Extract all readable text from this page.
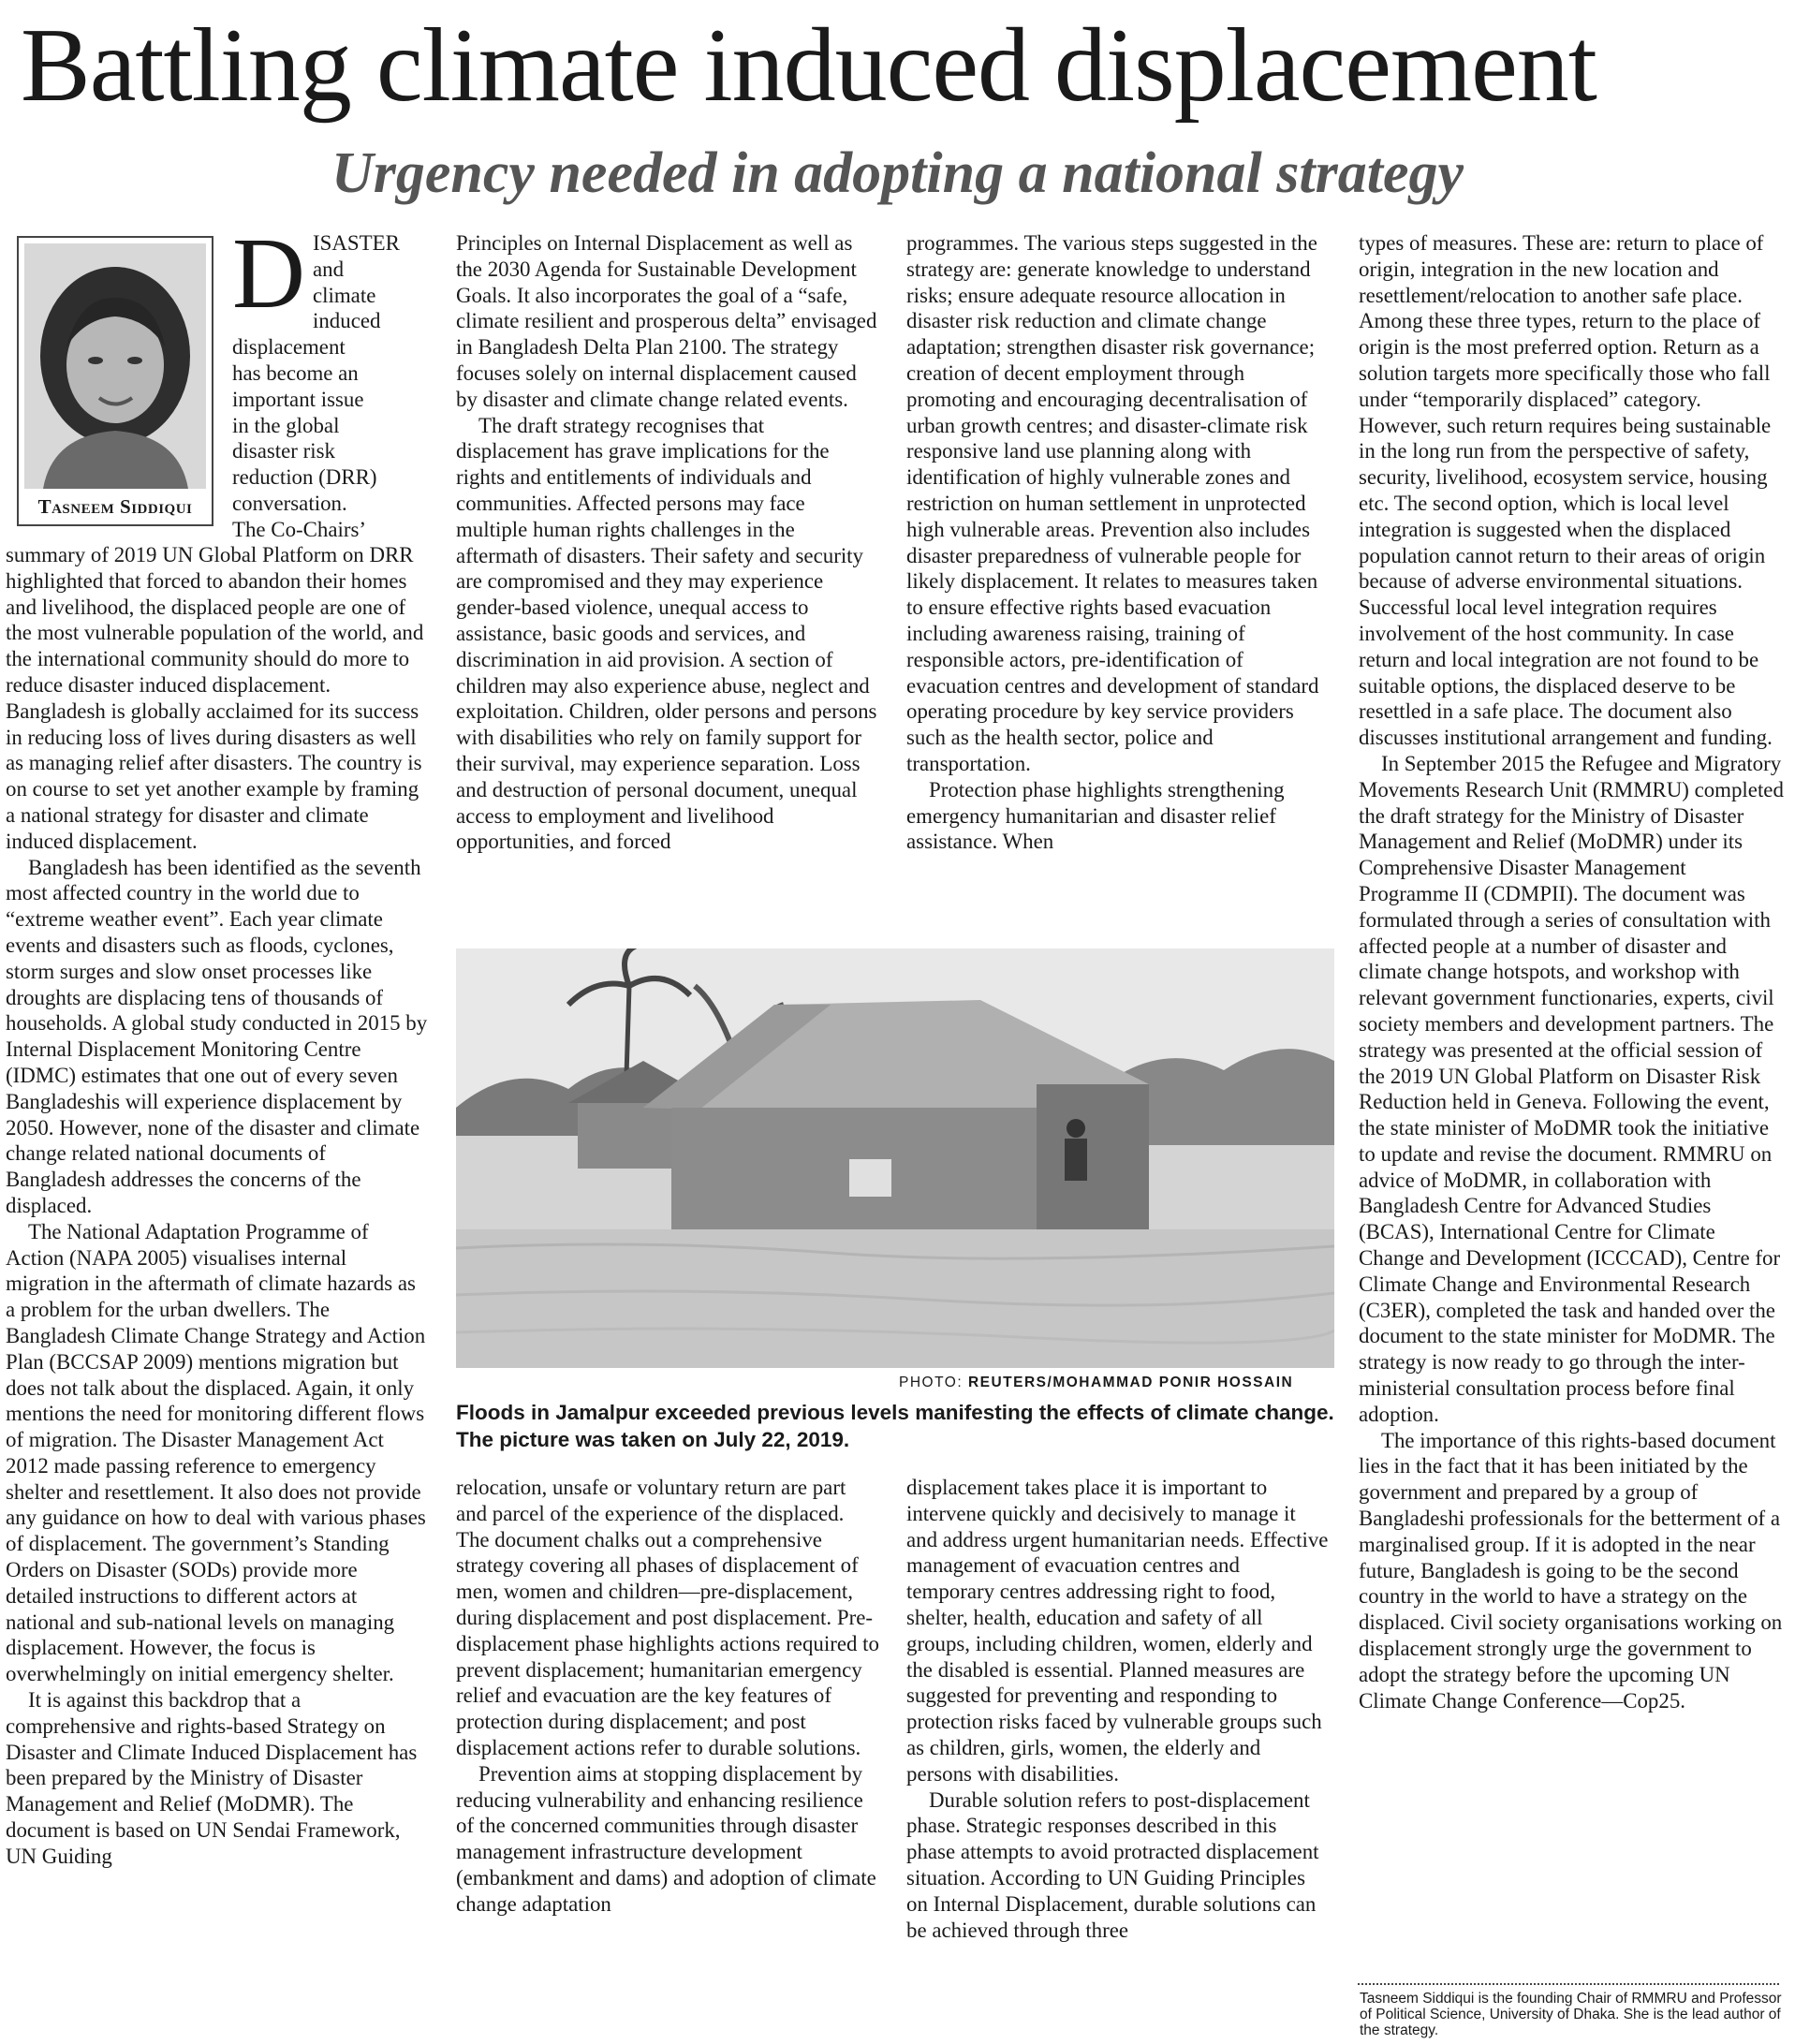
Battling climate induced displacement
Urgency needed in adopting a national strategy
Tasneem Siddiqui
D ISASTER
and
climate
induced
displacement
has become an
important issue
in the global
disaster risk
reduction (DRR)
conversation.
The Co-Chairs’

summary of 2019 UN Global Platform on DRR highlighted that forced to abandon their homes and livelihood, the displaced people are one of the most vulnerable population of the world, and the international community should do more to reduce disaster induced displacement. Bangladesh is globally acclaimed for its success in reducing loss of lives during disasters as well as managing relief after disasters. The country is on course to set yet another example by framing a national strategy for disaster and climate induced displacement.

Bangladesh has been identified as the seventh most affected country in the world due to “extreme weather event”. Each year climate events and disasters such as floods, cyclones, storm surges and slow onset processes like droughts are displacing tens of thousands of households. A global study conducted in 2015 by Internal Displacement Monitoring Centre (IDMC) estimates that one out of every seven Bangladeshis will experience displacement by 2050. However, none of the disaster and climate change related national documents of Bangladesh addresses the concerns of the displaced.

The National Adaptation Programme of Action (NAPA 2005) visualises internal migration in the aftermath of climate hazards as a problem for the urban dwellers. The Bangladesh Climate Change Strategy and Action Plan (BCCSAP 2009) mentions migration but does not talk about the displaced. Again, it only mentions the need for monitoring different flows of migration. The Disaster Management Act 2012 made passing reference to emergency shelter and resettlement. It also does not provide any guidance on how to deal with various phases of displacement. The government’s Standing Orders on Disaster (SODs) provide more detailed instructions to different actors at national and sub-national levels on managing displacement. However, the focus is overwhelmingly on initial emergency shelter.

It is against this backdrop that a comprehensive and rights-based Strategy on Disaster and Climate Induced Displacement has been prepared by the Ministry of Disaster Management and Relief (MoDMR). The document is based on UN Sendai Framework, UN Guiding

Principles on Internal Displacement as well as the 2030 Agenda for Sustainable Development Goals. It also incorporates the goal of a “safe, climate resilient and prosperous delta” envisaged in Bangladesh Delta Plan 2100. The strategy focuses solely on internal displacement caused by disaster and climate change related events.

The draft strategy recognises that displacement has grave implications for the rights and entitlements of individuals and communities. Affected persons may face multiple human rights challenges in the aftermath of disasters. Their safety and security are compromised and they may experience gender-based violence, unequal access to assistance, basic goods and services, and discrimination in aid provision. A section of children may also experience abuse, neglect and exploitation. Children, older persons and persons with disabilities who rely on family support for their survival, may experience separation. Loss and destruction of personal document, unequal access to employment and livelihood opportunities, and forced

programmes. The various steps suggested in the strategy are: generate knowledge to understand risks; ensure adequate resource allocation in disaster risk reduction and climate change adaptation; strengthen disaster risk governance; creation of decent employment through promoting and encouraging decentralisation of urban growth centres; and disaster-climate risk responsive land use planning along with identification of highly vulnerable zones and restriction on human settlement in unprotected high vulnerable areas. Prevention also includes disaster preparedness of vulnerable people for likely displacement. It relates to measures taken to ensure effective rights based evacuation including awareness raising, training of responsible actors, pre-identification of evacuation centres and development of standard operating procedure by key service providers such as the health sector, police and transportation.

Protection phase highlights strengthening emergency humanitarian and disaster relief assistance. When

types of measures. These are: return to place of origin, integration in the new location and resettlement/relocation to another safe place. Among these three types, return to the place of origin is the most preferred option. Return as a solution targets more specifically those who fall under “temporarily displaced” category. However, such return requires being sustainable in the long run from the perspective of safety, security, livelihood, ecosystem service, housing etc. The second option, which is local level integration is suggested when the displaced population cannot return to their areas of origin because of adverse environmental situations. Successful local level integration requires involvement of the host community. In case return and local integration are not found to be suitable options, the displaced deserve to be resettled in a safe place. The document also discusses institutional arrangement and funding.

In September 2015 the Refugee and Migratory Movements Research Unit (RMMRU) completed the draft strategy for the Ministry of Disaster Management and Relief (MoDMR) under its Comprehensive Disaster Management Programme II (CDMPII). The document was formulated through a series of consultation with affected people at a number of disaster and climate change hotspots, and workshop with relevant government functionaries, experts, civil society members and development partners. The strategy was presented at the official session of the 2019 UN Global Platform on Disaster Risk Reduction held in Geneva. Following the event, the state minister of MoDMR took the initiative to update and revise the document. RMMRU on advice of MoDMR, in collaboration with Bangladesh Centre for Advanced Studies (BCAS), International Centre for Climate Change and Development (ICCCAD), Centre for Climate Change and Environmental Research (C3ER), completed the task and handed over the document to the state minister for MoDMR. The strategy is now ready to go through the inter-ministerial consultation process before final adoption.

The importance of this rights-based document lies in the fact that it has been initiated by the government and prepared by a group of Bangladeshi professionals for the betterment of a marginalised group. If it is adopted in the near future, Bangladesh is going to be the second country in the world to have a strategy on the displaced. Civil society organisations working on displacement strongly urge the government to adopt the strategy before the upcoming UN Climate Change Conference—Cop25.

PHOTO: REUTERS/MOHAMMAD PONIR HOSSAIN
Floods in Jamalpur exceeded previous levels manifesting the effects of climate change. The picture was taken on July 22, 2019.

relocation, unsafe or voluntary return are part and parcel of the experience of the displaced. The document chalks out a comprehensive strategy covering all phases of displacement of men, women and children—pre-displacement, during displacement and post displacement. Pre-displacement phase highlights actions required to prevent displacement; humanitarian emergency relief and evacuation are the key features of protection during displacement; and post displacement actions refer to durable solutions.

Prevention aims at stopping displacement by reducing vulnerability and enhancing resilience of the concerned communities through disaster management infrastructure development (embankment and dams) and adoption of climate change adaptation

displacement takes place it is important to intervene quickly and decisively to manage it and address urgent humanitarian needs. Effective management of evacuation centres and temporary centres addressing right to food, shelter, health, education and safety of all groups, including children, women, elderly and the disabled is essential. Planned measures are suggested for preventing and responding to protection risks faced by vulnerable groups such as children, girls, women, the elderly and persons with disabilities.

Durable solution refers to post-displacement phase. Strategic responses described in this phase attempts to avoid protracted displacement situation. According to UN Guiding Principles on Internal Displacement, durable solutions can be achieved through three

Tasneem Siddiqui is the founding Chair of RMMRU and Professor of Political Science, University of Dhaka. She is the lead author of the strategy.
